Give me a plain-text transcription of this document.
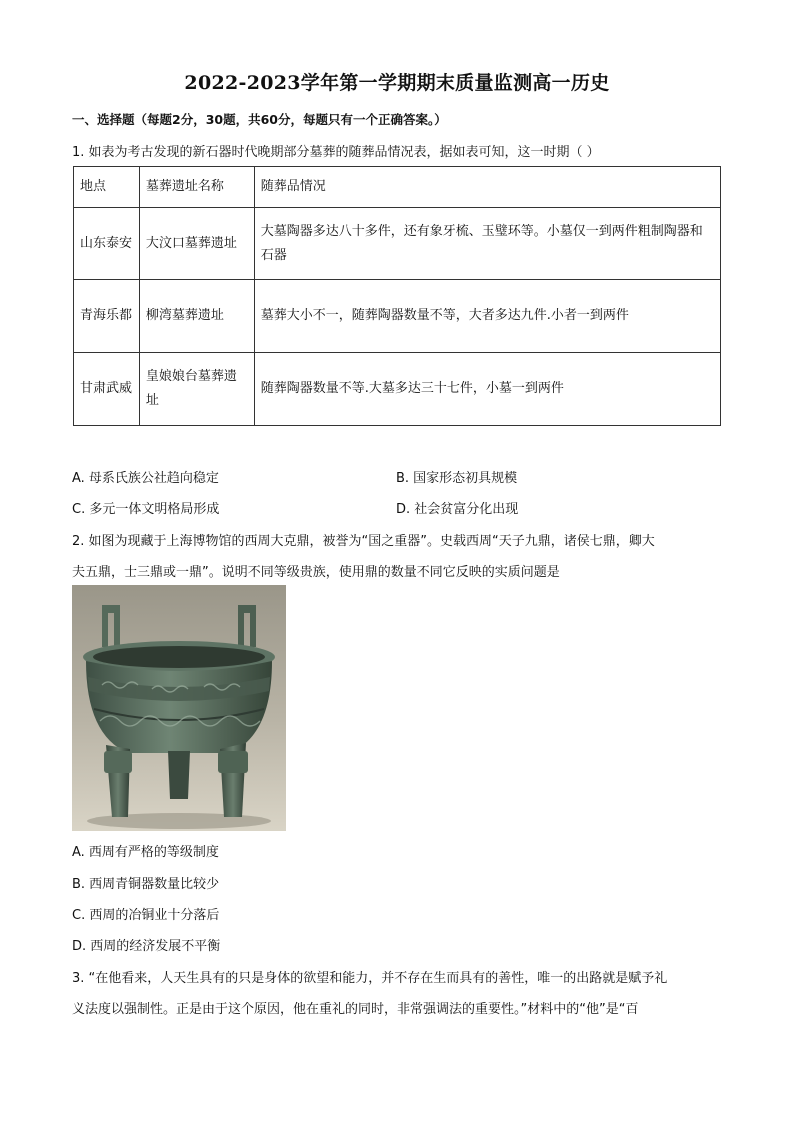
2022-2023学年第一学期期末质量监测高一历史
一、选择题（每题2分，30题，共60分，每题只有一个正确答案。）
1. 如表为考古发现的新石器时代晚期部分墓葬的随葬品情况表，据如表可知，这一时期（ ）
地点	墓葬遗址名称	随葬品情况
山东泰安	大汶口墓葬遗址	大墓陶器多达八十多件，还有象牙梳、玉璧环等。小墓仅一到两件粗制陶器和石器
青海乐都	柳湾墓葬遗址	墓葬大小不一，随葬陶器数量不等，大者多达九件.小者一到两件
甘肃武威	皇娘娘台墓葬遗址	随葬陶器数量不等.大墓多达三十七件，小墓一到两件
A. 母系氏族公社趋向稳定	B. 国家形态初具规模
C. 多元一体文明格局形成	D. 社会贫富分化出现
2. 如图为现藏于上海博物馆的西周大克鼎，被誉为“国之重器”。史载西周“天子九鼎，诸侯七鼎，卿大
夫五鼎，士三鼎或一鼎”。说明不同等级贵族，使用鼎的数量不同它反映的实质问题是
A. 西周有严格的等级制度
B. 西周青铜器数量比较少
C. 西周的冶铜业十分落后
D. 西周的经济发展不平衡
3. “在他看来，人天生具有的只是身体的欲望和能力，并不存在生而具有的善性，唯一的出路就是赋予礼
义法度以强制性。正是由于这个原因，他在重礼的同时，非常强调法的重要性。”材料中的“他”是“百
